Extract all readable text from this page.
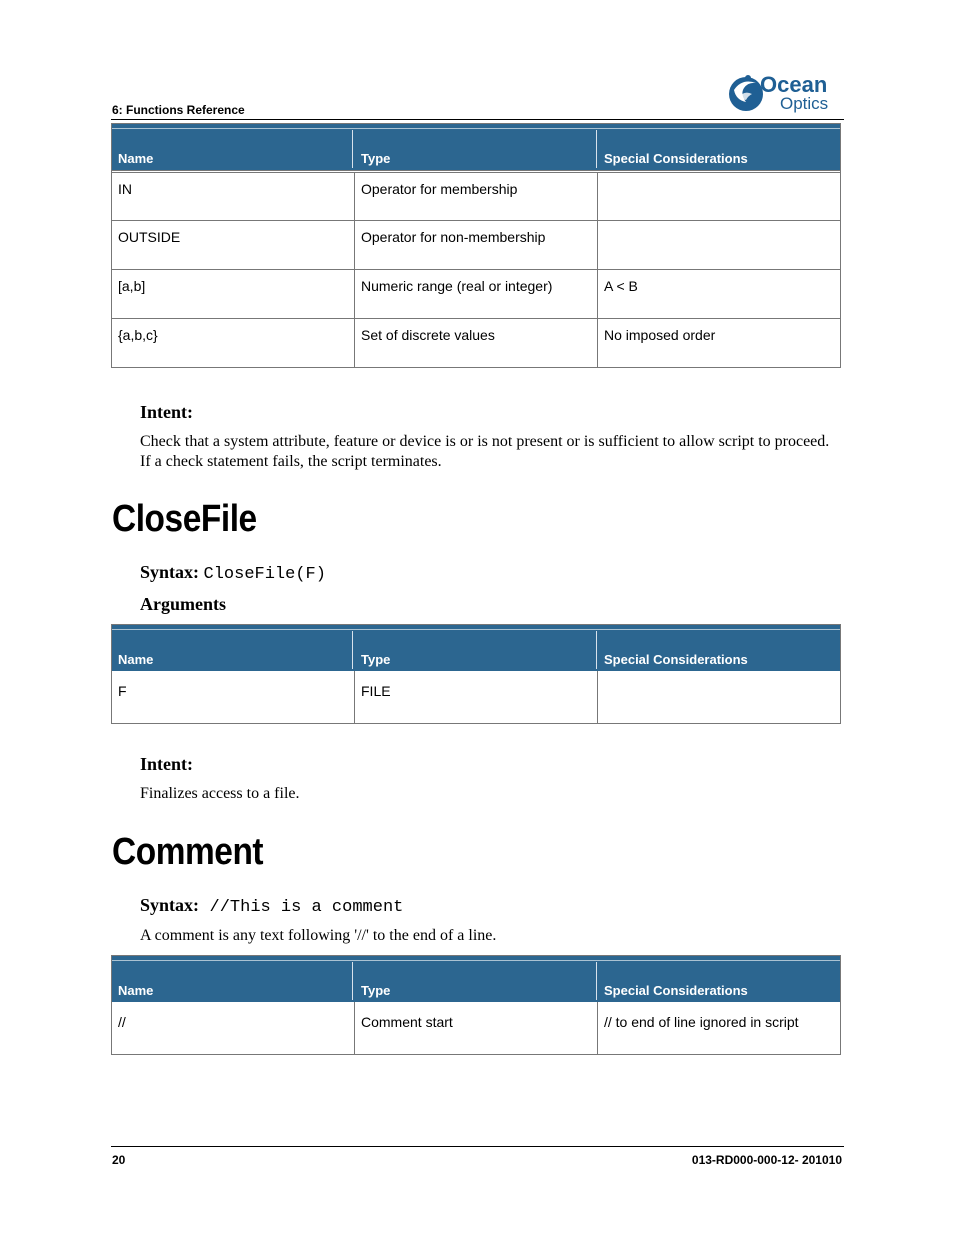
6: Functions Reference
Ocean
Optics
Name	Type	Special Considerations
IN	Operator for membership
OUTSIDE	Operator for non-membership
[a,b]	Numeric range (real or integer)	A < B
{a,b,c}	Set of discrete values	No imposed order
Intent:
Check that a system attribute, feature or device is or is not present or is sufficient to allow script to proceed. If a check statement fails, the script terminates.
CloseFile
Syntax: CloseFile(F)
Arguments
Name	Type	Special Considerations
F	FILE
Intent:
Finalizes access to a file.
Comment
Syntax: //This is a comment
A comment is any text following '//' to the end of a line.
Name	Type	Special Considerations
//	Comment start	// to end of line ignored in script
20	013-RD000-000-12- 201010
